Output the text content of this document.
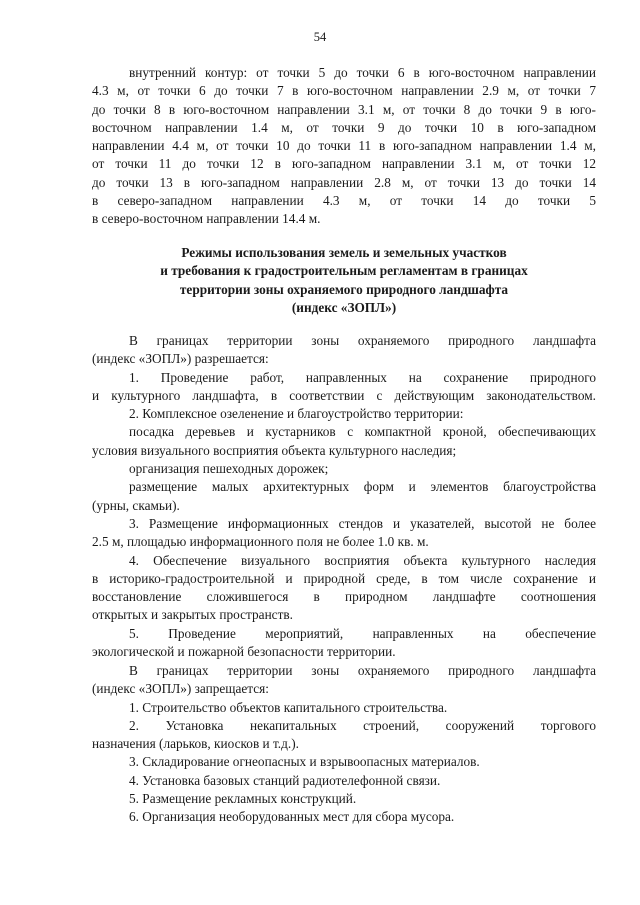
54
внутренний контур: от точки 5 до точки 6 в юго-восточном направлении
4.3 м, от точки 6 до точки 7 в юго-восточном направлении 2.9 м, от точки 7
до точки 8 в юго-восточном направлении 3.1 м, от точки 8 до точки 9 в юго-
восточном направлении 1.4 м, от точки 9 до точки 10 в юго-западном
направлении 4.4 м, от точки 10 до точки 11 в юго-западном направлении 1.4 м,
от точки 11 до точки 12 в юго-западном направлении 3.1 м, от точки 12
до точки 13 в юго-западном направлении 2.8 м, от точки 13 до точки 14
в северо-западном направлении 4.3 м, от точки 14 до точки 5
в северо-восточном направлении 14.4 м.
Режимы использования земель и земельных участков
и требования к градостроительным регламентам в границах
территории зоны охраняемого природного ландшафта
(индекс «ЗОПЛ»)
В границах территории зоны охраняемого природного ландшафта
(индекс «ЗОПЛ») разрешается:
1. Проведение работ, направленных на сохранение природного
и культурного ландшафта, в соответствии с действующим законодательством.
2. Комплексное озеленение и благоустройство территории:
посадка деревьев и кустарников с компактной кроной, обеспечивающих
условия визуального восприятия объекта культурного наследия;
организация пешеходных дорожек;
размещение малых архитектурных форм и элементов благоустройства
(урны, скамьи).
3. Размещение информационных стендов и указателей, высотой не более
2.5 м, площадью информационного поля не более 1.0 кв. м.
4. Обеспечение визуального восприятия объекта культурного наследия
в историко-градостроительной и природной среде, в том числе сохранение и
восстановление сложившегося в природном ландшафте соотношения
открытых и закрытых пространств.
5. Проведение мероприятий, направленных на обеспечение
экологической и пожарной безопасности территории.
В границах территории зоны охраняемого природного ландшафта
(индекс «ЗОПЛ») запрещается:
1. Строительство объектов капитального строительства.
2. Установка некапитальных строений, сооружений торгового
назначения (ларьков, киосков и т.д.).
3. Складирование огнеопасных и взрывоопасных материалов.
4. Установка базовых станций радиотелефонной связи.
5. Размещение рекламных конструкций.
6. Организация необорудованных мест для сбора мусора.
